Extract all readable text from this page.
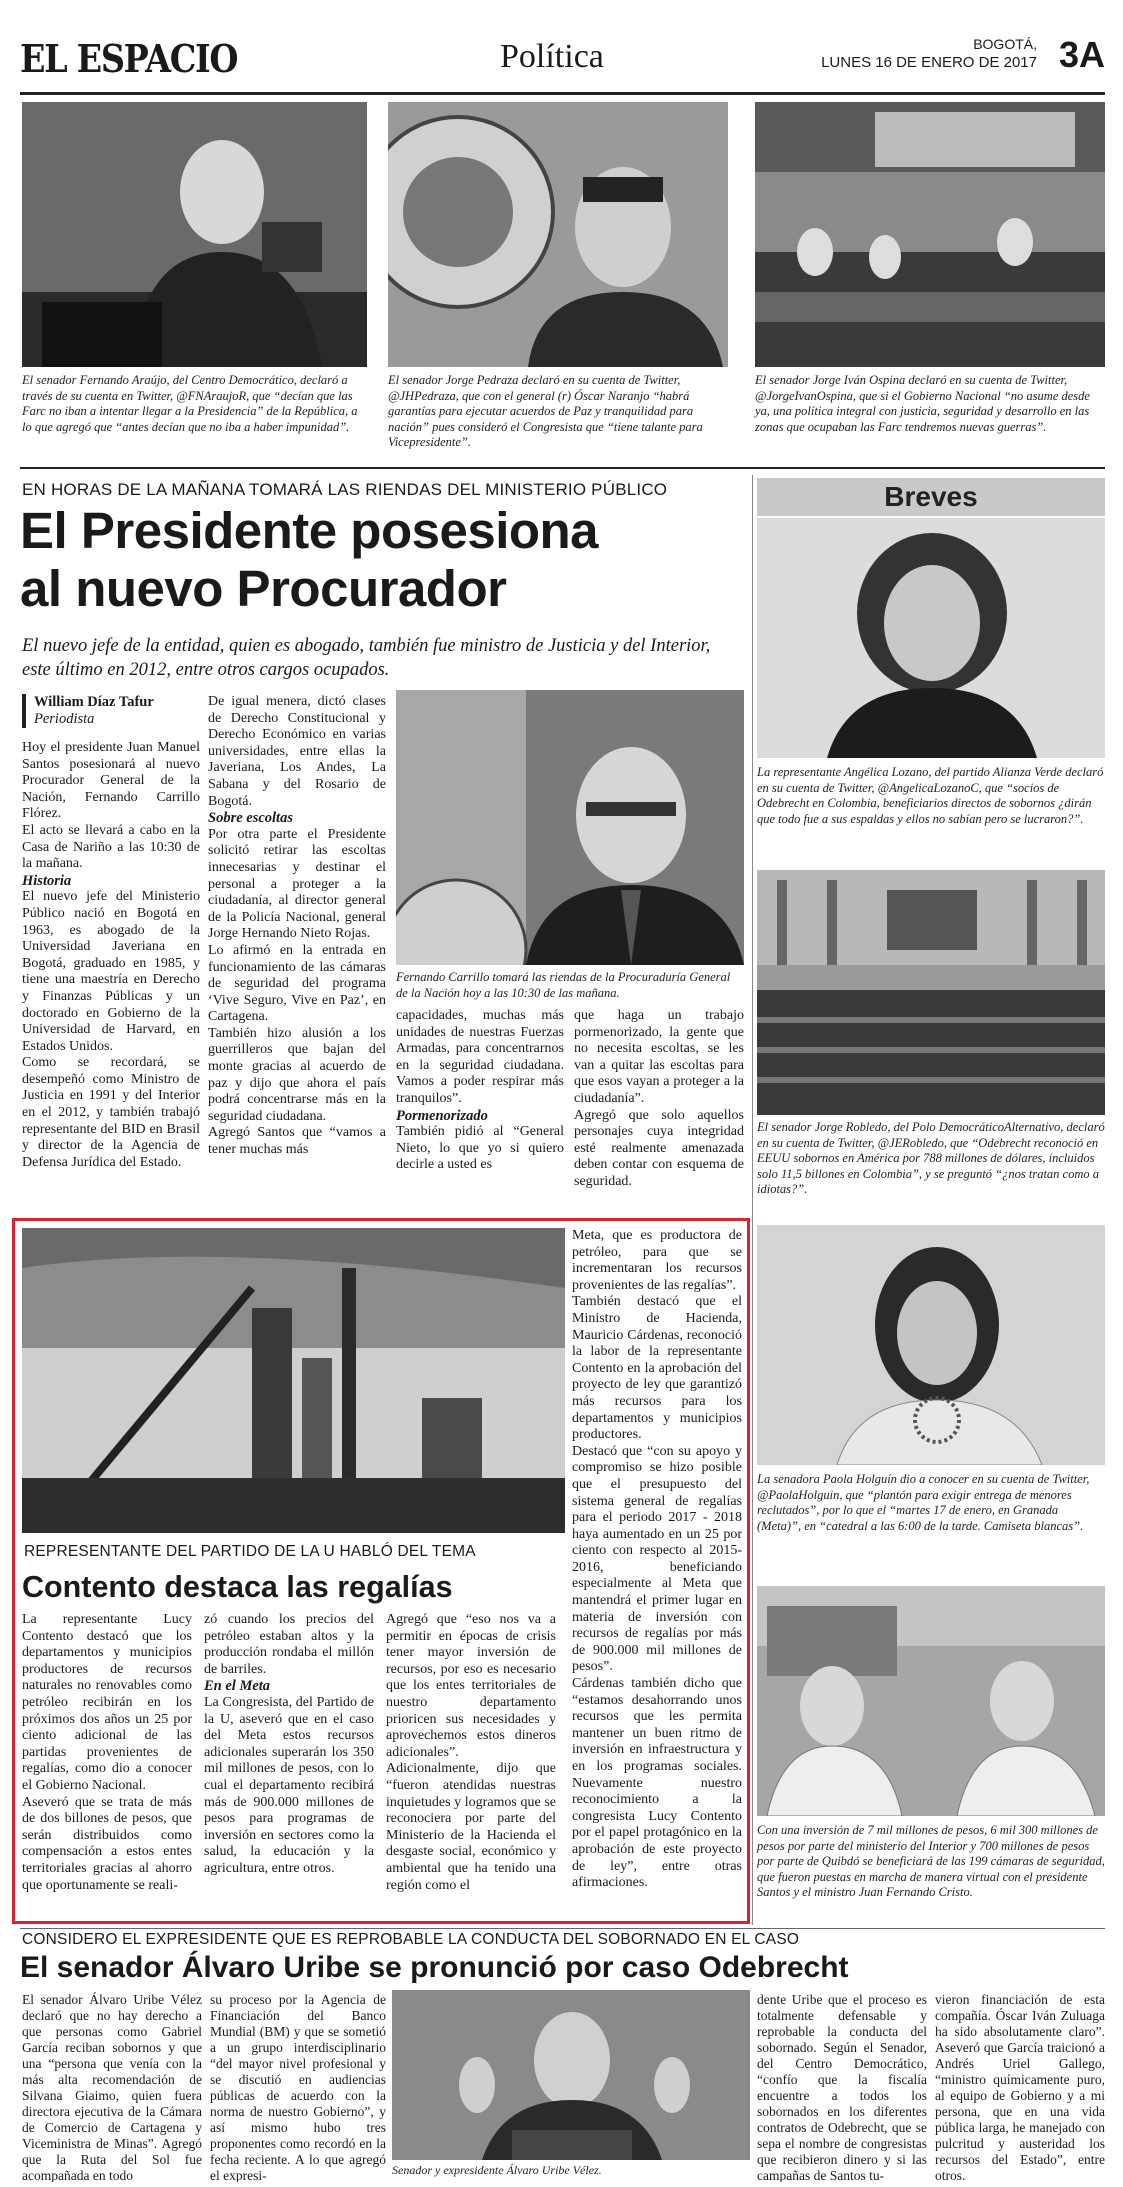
EL ESPACIO	Política	BOGOTÁ,
LUNES 16 DE ENERO DE 2017 3A
El senador Fernando Araújo, del Centro Democrático, declaró a través de su cuenta en Twitter, @FNAraujoR, que “decían que las Farc no iban a intentar llegar a la Presidencia” de la República, a lo que agregó que “antes decían que no iba a haber impunidad”.
El senador Jorge Pedraza declaró en su cuenta de Twitter, @JHPedraza, que con el general (r) Óscar Naranjo “habrá garantías para ejecutar acuerdos de Paz y tranquilidad para nación” pues consideró el Congresista que “tiene talante para Vicepresidente”.
El senador Jorge Iván Ospina declaró en su cuenta de Twitter, @JorgeIvanOspina, que si el Gobierno Nacional “no asume desde ya, una política integral con justicia, seguridad y desarrollo en las zonas que ocupaban las Farc tendremos nuevas guerras”.
EN HORAS DE LA MAÑANA TOMARÁ LAS RIENDAS DEL MINISTERIO PÚBLICO
El Presidente posesiona
al nuevo Procurador
El nuevo jefe de la entidad, quien es abogado, también fue ministro de Justicia y del Interior, este último en 2012, entre otros cargos ocupados.
William Díaz Tafur
Periodista

Hoy el presidente Juan Manuel Santos posesionará al nuevo Procurador General de la Nación, Fernando Carrillo Flórez.

El acto se llevará a cabo en la Casa de Nariño a las 10:30 de la mañana.

Historia

El nuevo jefe del Ministerio Público nació en Bogotá en 1963, es abogado de la Universidad Javeriana en Bogotá, graduado en 1985, y tiene una maestría en Derecho y Finanzas Públicas y un doctorado en Gobierno de la Universidad de Harvard, en Estados Unidos.

Como se recordará, se desempeñó como Ministro de Justicia en 1991 y del Interior en el 2012, y también trabajó representante del BID en Brasil y director de la Agencia de Defensa Jurídica del Estado.

De igual menera, dictó clases de Derecho Constitucional y Derecho Económico en varias universidades, entre ellas la Javeriana, Los Andes, La Sabana y del Rosario de Bogotá.

Sobre escoltas

Por otra parte el Presidente solicitó retirar las escoltas innecesarias y destinar el personal a proteger a la ciudadanía, al director general de la Policía Nacional, general Jorge Hernando Nieto Rojas.

Lo afirmó en la entrada en funcionamiento de las cámaras de seguridad del programa ‘Vive Seguro, Vive en Paz’, en Cartagena.

También hizo alusión a los guerrilleros que bajan del monte gracias al acuerdo de paz y dijo que ahora el país podrá concentrarse más en la seguridad ciudadana.

Agregó Santos que “vamos a tener muchas más

Fernando Carrillo tomará las riendas de la Procuraduría General de la Nación hoy a las 10:30 de las mañana.

capacidades, muchas más unidades de nuestras Fuerzas Armadas, para concentrarnos en la seguridad ciudadana. Vamos a poder respirar más tranquilos”.

Pormenorizado

También pidió al “General Nieto, lo que yo si quiero decirle a usted es

que haga un trabajo pormenorizado, la gente que no necesita escoltas, se les van a quitar las escoltas para que esos vayan a proteger a la ciudadanía”.

Agregó que solo aquellos personajes cuya integridad esté realmente amenazada deben contar con esquema de seguridad.

Breves
La representante Angélica Lozano, del partido Alianza Verde declaró en su cuenta de Twitter, @AngelicaLozanoC, que “socios de Odebrecht en Colombia, beneficiarios directos de sobornos ¿dirán que todo fue a sus espaldas y ellos no sabían pero se lucraron?”.
El senador Jorge Robledo, del Polo DemocráticoAlternativo, declaró en su cuenta de Twitter, @JERobledo, que “Odebrecht reconoció en EEUU sobornos en América por 788 millones de dólares, incluidos solo 11,5 billones en Colombia”, y se preguntó “¿nos tratan como a idiotas?”.
La senadora Paola Holguín dio a conocer en su cuenta de Twitter, @PaolaHolguin, que “plantón para exigir entrega de menores reclutados”, por lo que el “martes 17 de enero, en Granada (Meta)”, en “catedral a las 6:00 de la tarde. Camiseta blancas”.
Con una inversión de 7 mil millones de pesos, 6 mil 300 millones de pesos por parte del ministerio del Interior y 700 millones de pesos por parte de Quibdó se beneficiará de las 199 cámaras de seguridad, que fueron puestas en marcha de manera virtual con el presidente Santos y el ministro Juan Fernando Cristo.
REPRESENTANTE DEL PARTIDO DE LA U HABLÓ DEL TEMA
Contento destaca las regalías

La representante Lucy Contento destacó que los departamentos y municipios productores de recursos naturales no renovables como petróleo recibirán en los próximos dos años un 25 por ciento adicional de las partidas provenientes de regalías, como dio a conocer el Gobierno Nacional.

Aseveró que se trata de más de dos billones de pesos, que serán distribuidos como compensación a estos entes territoriales gracias al ahorro que oportunamente se reali-

zó cuando los precios del petróleo estaban altos y la producción rondaba el millón de barriles.

En el Meta

La Congresista, del Partido de la U, aseveró que en el caso del Meta estos recursos adicionales superarán los 350 mil millones de pesos, con lo cual el departamento recibirá más de 900.000 millones de pesos para programas de inversión en sectores como la salud, la educación y la agricultura, entre otros.

Agregó que “eso nos va a permitir en épocas de crisis tener mayor inversión de recursos, por eso es necesario que los entes territoriales de nuestro departamento prioricen sus necesidades y aprovechemos estos dineros adicionales”.

Adicionalmente, dijo que “fueron atendidas nuestras inquietudes y logramos que se reconociera por parte del Ministerio de la Hacienda el desgaste social, económico y ambiental que ha tenido una región como el

Meta, que es productora de petróleo, para que se incrementaran los recursos provenientes de las regalías”.

También destacó que el Ministro de Hacienda, Mauricio Cárdenas, reconoció la labor de la representante Contento en la aprobación del proyecto de ley que garantizó más recursos para los departamentos y municipios productores.

Destacó que “con su apoyo y compromiso se hizo posible que el presupuesto del sistema general de regalías para el periodo 2017 - 2018 haya aumentado en un 25 por ciento con respecto al 2015-2016, beneficiando especialmente al Meta que mantendrá el primer lugar en materia de inversión con recursos de regalías por más de 900.000 mil millones de pesos”.

Cárdenas también dicho que “estamos desahorrando unos recursos que les permita mantener un buen ritmo de inversión en infraestructura y en los programas sociales. Nuevamente nuestro reconocimiento a la congresista Lucy Contento por el papel protagónico en la aprobación de este proyecto de ley”, entre otras afirmaciones.

CONSIDERO EL EXPRESIDENTE QUE ES REPROBABLE LA CONDUCTA DEL SOBORNADO EN EL CASO
El senador Álvaro Uribe se pronunció por caso Odebrecht

El senador Álvaro Uribe Vélez declaró que no hay derecho a que personas como Gabriel García reciban sobornos y que una “persona que venía con la más alta recomendación de Silvana Giaimo, quien fuera directora ejecutiva de la Cámara de Comercio de Cartagena y Viceministra de Minas”. Agregó que la Ruta del Sol fue acompañada en todo

su proceso por la Agencia de Financiación del Banco Mundial (BM) y que se sometió a un grupo interdisciplinario “del mayor nivel profesional y se discutió en audiencias públicas de acuerdo con la norma de nuestro Gobierno”, y así mismo hubo tres proponentes como recordó en la fecha reciente. A lo que agregó el expresi-	Senador y expresidente Álvaro Uribe Vélez.

dente Uribe que el proceso es totalmente defensable y reprobable la conducta del sobornado. Según el Senador, del Centro Democrático, “confío que la fiscalía encuentre a todos los sobornados en los diferentes contratos de Odebrecht, que se sepa el nombre de congresistas que recibieron dinero y si las campañas de Santos tu-

vieron financiación de esta compañía. Óscar Iván Zuluaga ha sido absolutamente claro”. Aseveró que García traicionó a Andrés Uriel Gallego, “ministro químicamente puro, al equipo de Gobierno y a mi persona, que en una vida pública larga, he manejado con pulcritud y austeridad los recursos del Estado”, entre otros.
